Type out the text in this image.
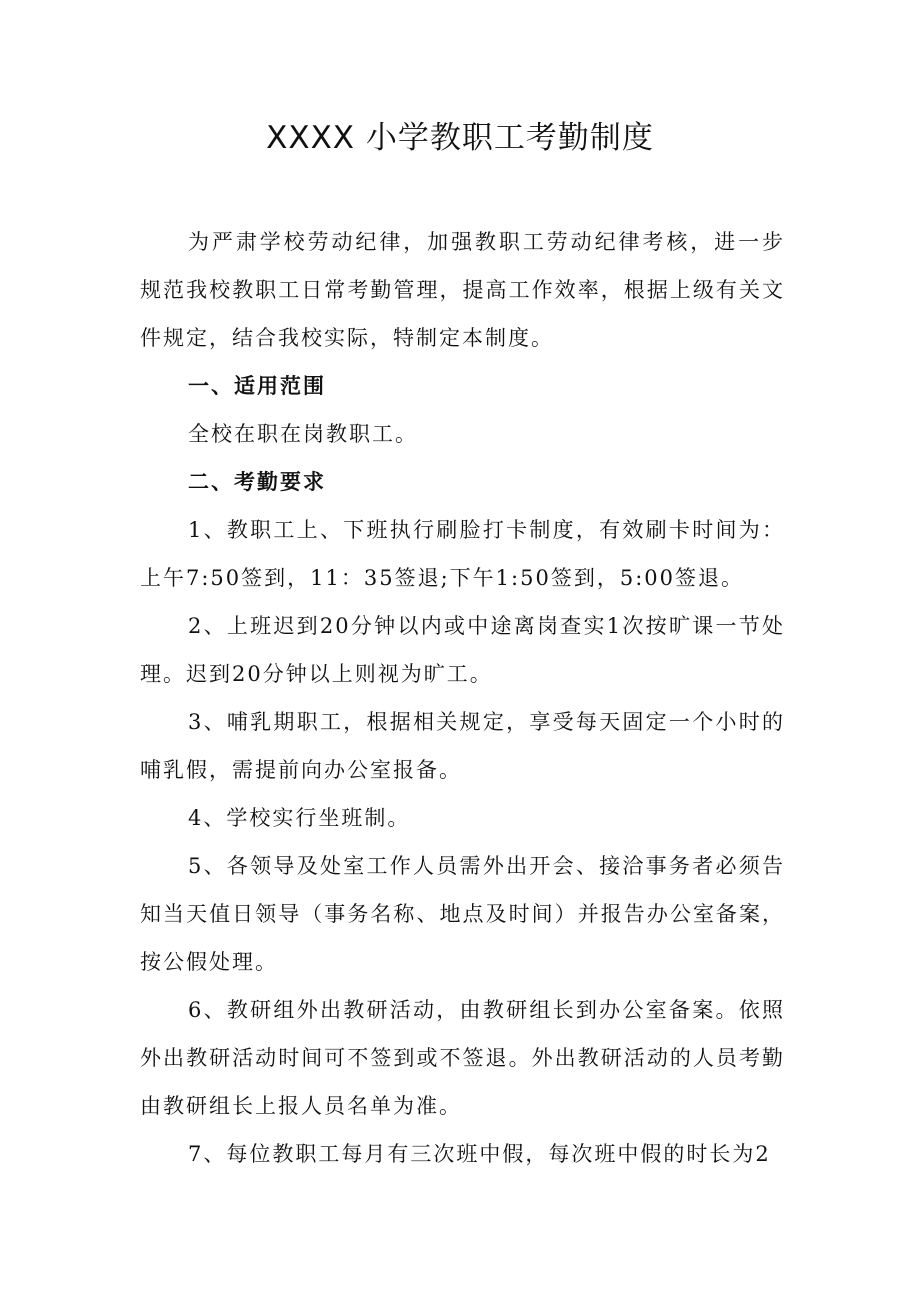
XXXX 小学教职工考勤制度

为严肃学校劳动纪律，加强教职工劳动纪律考核，进一步规范我校教职工日常考勤管理，提高工作效率，根据上级有关文件规定，结合我校实际，特制定本制度。

一、适用范围

全校在职在岗教职工。

二、考勤要求

1、教职工上、下班执行刷脸打卡制度，有效刷卡时间为：上午7:50签到，11：35签退;下午1:50签到，5:00签退。

2、上班迟到20分钟以内或中途离岗查实1次按旷课一节处理。迟到20分钟以上则视为旷工。

3、哺乳期职工，根据相关规定，享受每天固定一个小时的哺乳假，需提前向办公室报备。

4、学校实行坐班制。

5、各领导及处室工作人员需外出开会、接洽事务者必须告知当天值日领导（事务名称、地点及时间）并报告办公室备案，按公假处理。

6、教研组外出教研活动，由教研组长到办公室备案。依照外出教研活动时间可不签到或不签退。外出教研活动的人员考勤由教研组长上报人员名单为准。

7、每位教职工每月有三次班中假，每次班中假的时长为2
